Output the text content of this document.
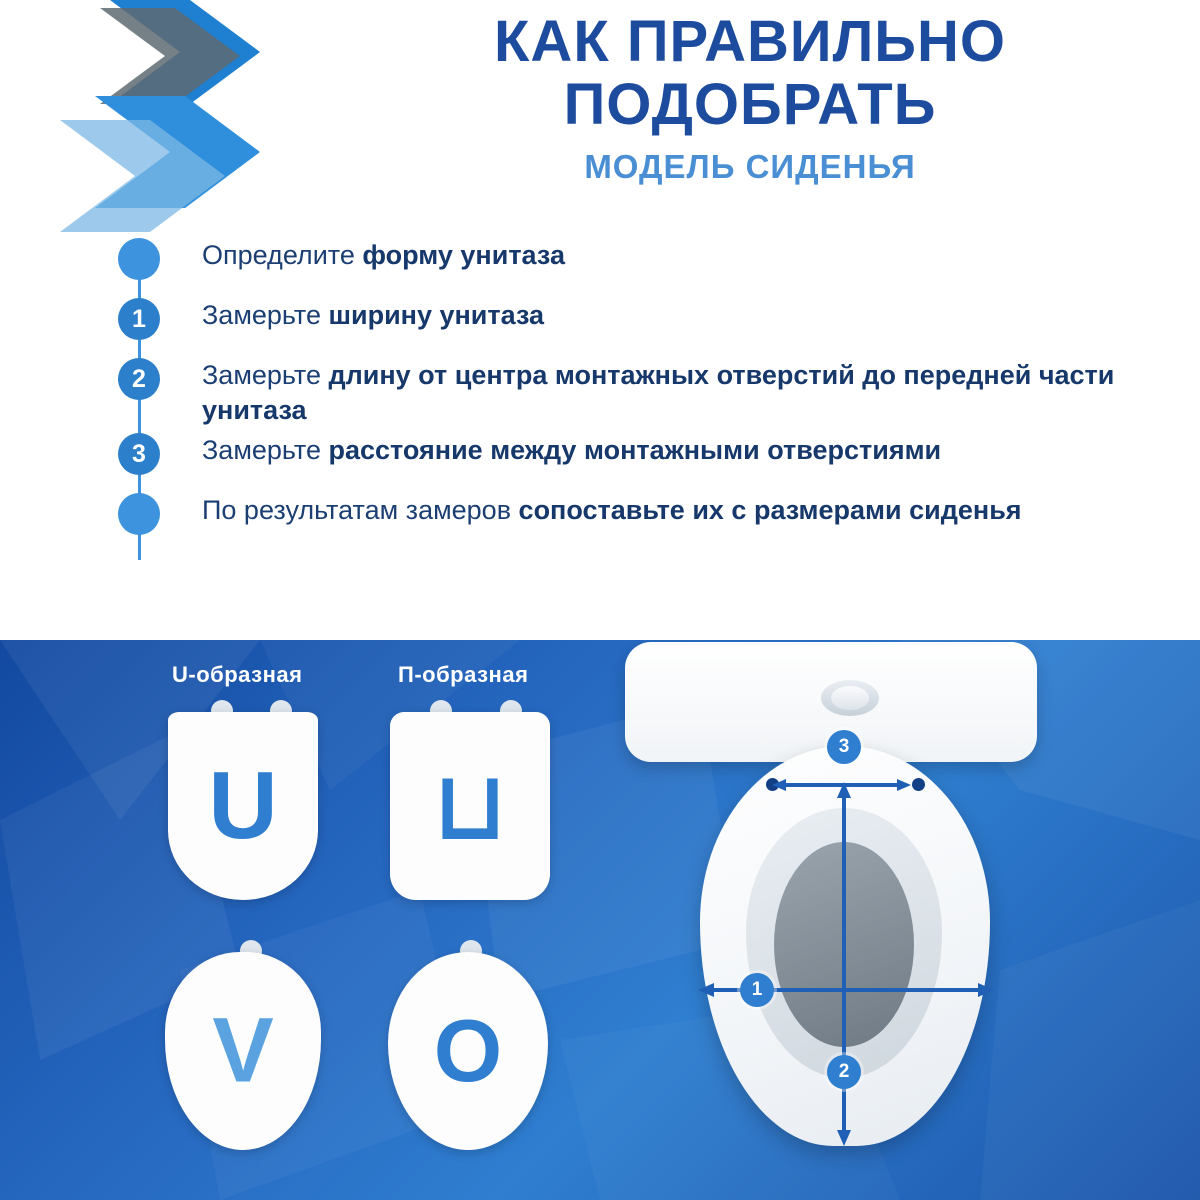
КАК ПРАВИЛЬНО
ПОДОБРАТЬ
МОДЕЛЬ СИДЕНЬЯ
Определите форму унитаза
1	Замерьте ширину унитаза
2	Замерьте длину от центра монтажных отверстий до передней части унитаза
3	Замерьте расстояние между монтажными отверстиями
По результатам замеров сопоставьте их с размерами сиденья
U-образная	П-образная
U	⊔
V	O
3
1
2
